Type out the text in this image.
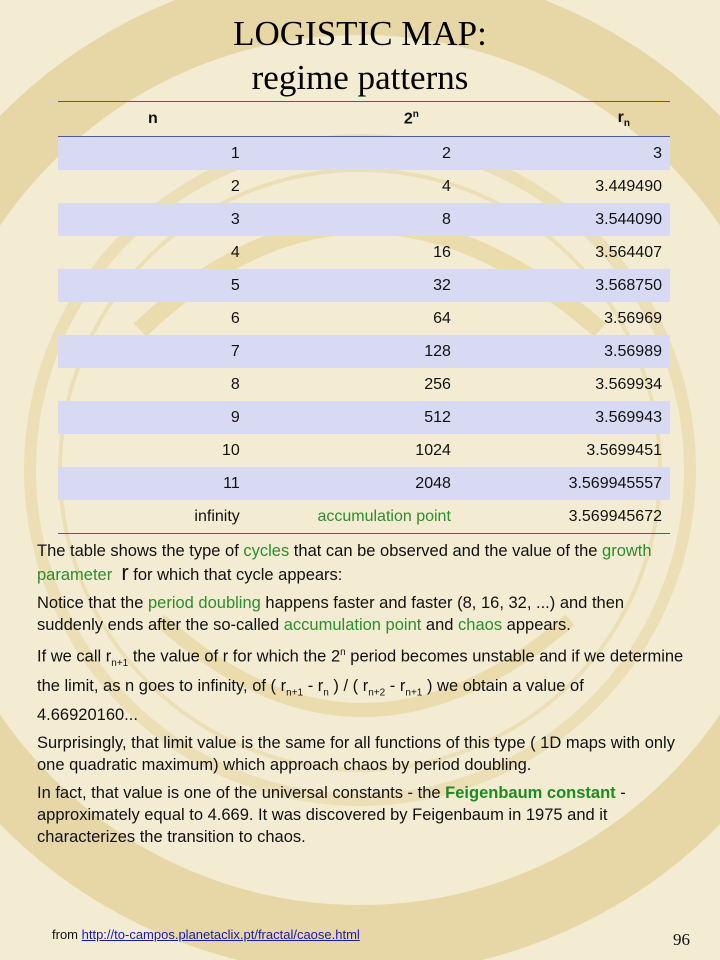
LOGISTIC MAP:
regime patterns
n	2$^n$	$r_n$
1	2	3
2	4	3.449490
3	8	3.544090
4	16	3.564407
5	32	3.568750
6	64	3.56969
7	128	3.56989
8	256	3.569934
9	512	3.569943
10	1024	3.5699451
11	2048	3.569945557
infinity	accumulation point	3.569945672

The table shows the type of cycles that can be observed and the value of the growth parameter r for which that cycle appears:

Notice that the period doubling happens faster and faster (8, 16, 32, ...) and then suddenly ends after the so-called accumulation point and chaos appears.

If we call $r_{n+1}$ the value of r for which the 2$^n$ period becomes unstable and if we determine the limit, as n goes to infinity, of ( $r_{n+1} - r_n$ ) / ( $r_{n+2} - r_{n+1}$ ) we obtain a value of 4.66920160...

Surprisingly, that limit value is the same for all functions of this type ( 1D maps with only one quadratic maximum) which approach chaos by period doubling.

In fact, that value is one of the universal constants - the Feigenbaum constant - approximately equal to 4.669. It was discovered by Feigenbaum in 1975 and it characterizes the transition to chaos.

from http://to-campos.planetaclix.pt/fractal/caose.html	96
